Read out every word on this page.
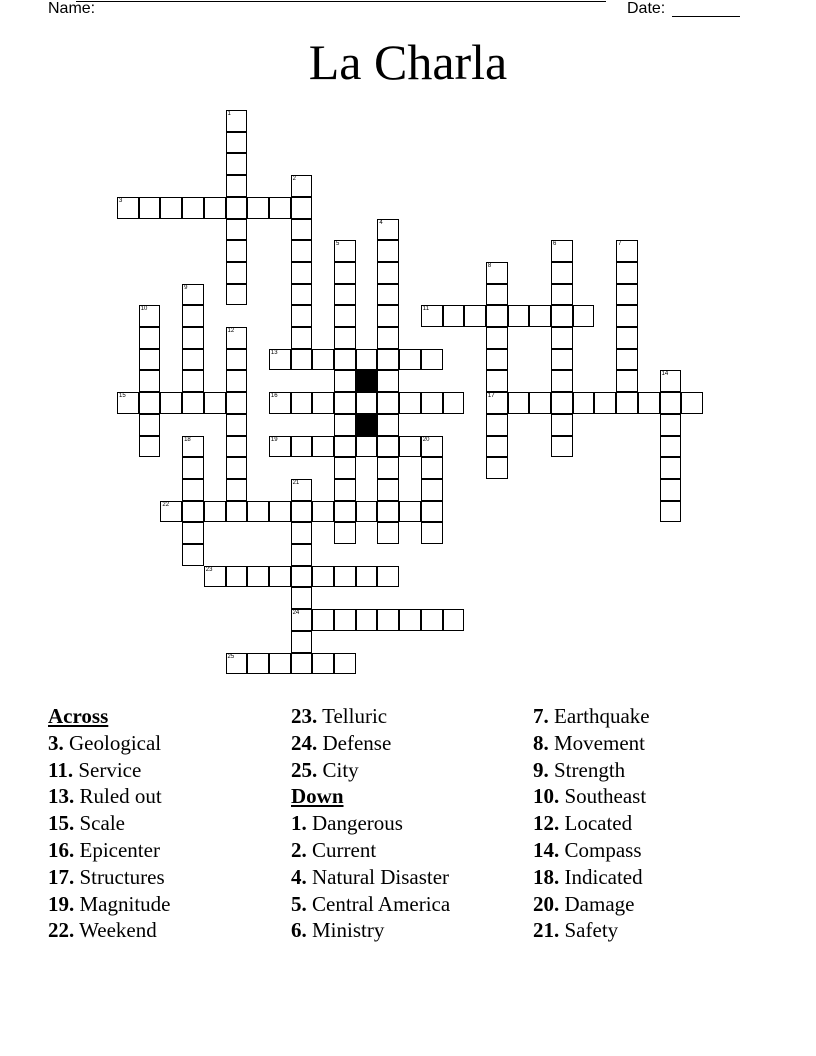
Name:	Date:
La Charla
1
2
3
4
5	6	7
8
9
10	11
12
13
14
15	16	17
18	19	20
21
22
23
24
25
Across
3. Geological
11. Service
13. Ruled out
15. Scale
16. Epicenter
17. Structures
19. Magnitude
22. Weekend
23. Telluric
24. Defense
25. City
Down
1. Dangerous
2. Current
4. Natural Disaster
5. Central America
6. Ministry
7. Earthquake
8. Movement
9. Strength
10. Southeast
12. Located
14. Compass
18. Indicated
20. Damage
21. Safety
